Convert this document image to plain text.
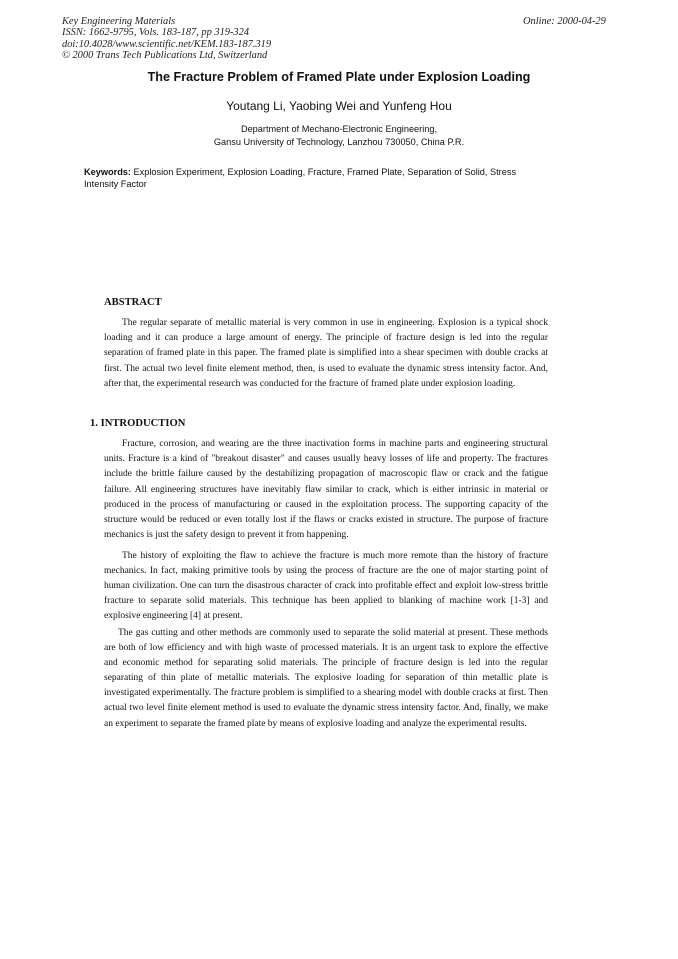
Key Engineering Materials
ISSN: 1662-9795, Vols. 183-187, pp 319-324
doi:10.4028/www.scientific.net/KEM.183-187.319
© 2000 Trans Tech Publications Ltd, Switzerland
Online: 2000-04-29
The Fracture Problem of Framed Plate under Explosion Loading
Youtang Li, Yaobing Wei and Yunfeng Hou
Department of Mechano-Electronic Engineering,
Gansu University of Technology, Lanzhou 730050, China P.R.
Keywords: Explosion Experiment, Explosion Loading, Fracture, Framed Plate, Separation of Solid, Stress Intensity Factor
ABSTRACT

The regular separate of metallic material is very common in use in engineering. Explosion is a typical shock loading and it can produce a large amount of energy. The principle of fracture design is led into the regular separation of framed plate in this paper. The framed plate is simplified into a shear specimen with double cracks at first. The actual two level finite element method, then, is used to evaluate the dynamic stress intensity factor. And, after that, the experimental research was conducted for the fracture of framed plate under explosion loading.

1. INTRODUCTION

Fracture, corrosion, and wearing are the three inactivation forms in machine parts and engineering structural units. Fracture is a kind of "breakout disaster" and causes usually heavy losses of life and property. The fractures include the brittle failure caused by the destabilizing propagation of macroscopic flaw or crack and the fatigue failure. All engineering structures have inevitably flaw similar to crack, which is either intrinsic in material or produced in the process of manufacturing or caused in the exploitation process. The supporting capacity of the structure would be reduced or even totally lost if the flaws or cracks existed in structure. The purpose of fracture mechanics is just the safety design to prevent it from happening.

The history of exploiting the flaw to achieve the fracture is much more remote than the history of fracture mechanics. In fact, making primitive tools by using the process of fracture are the one of major starting point of human civilization. One can turn the disastrous character of crack into profitable effect and exploit low-stress brittle fracture to separate solid materials. This technique has been applied to blanking of machine work [1-3] and explosive engineering [4] at present.

The gas cutting and other methods are commonly used to separate the solid material at present. These methods are both of low efficiency and with high waste of processed materials. It is an urgent task to explore the effective and economic method for separating solid materials. The principle of fracture design is led into the regular separating of thin plate of metallic materials. The explosive loading for separation of thin metallic plate is investigated experimentally. The fracture problem is simplified to a shearing model with double cracks at first. Then actual two level finite element method is used to evaluate the dynamic stress intensity factor. And, finally, we make an experiment to separate the framed plate by means of explosive loading and analyze the experimental results.
